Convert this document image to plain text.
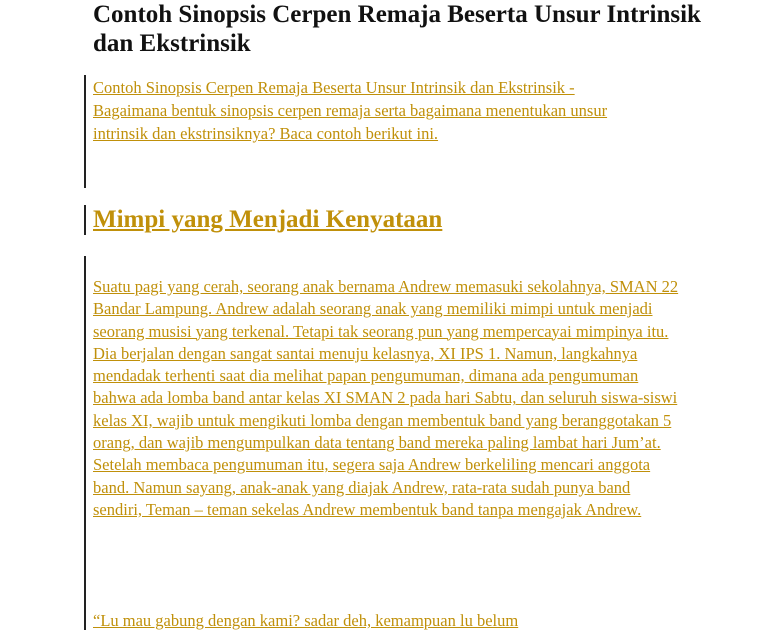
Contoh Sinopsis Cerpen Remaja Beserta Unsur Intrinsik dan Ekstrinsik

Contoh Sinopsis Cerpen Remaja Beserta Unsur Intrinsik dan Ekstrinsik - Bagaimana bentuk sinopsis cerpen remaja serta bagaimana menentukan unsur intrinsik dan ekstrinsiknya? Baca contoh berikut ini.

Mimpi yang Menjadi Kenyataan

Suatu pagi yang cerah, seorang anak bernama Andrew memasuki sekolahnya, SMAN 22 Bandar Lampung. Andrew adalah seorang anak yang memiliki mimpi untuk menjadi seorang musisi yang terkenal. Tetapi tak seorang pun yang mempercayai mimpinya itu. Dia berjalan dengan sangat santai menuju kelasnya, XI IPS 1. Namun, langkahnya mendadak terhenti saat dia melihat papan pengumuman, dimana ada pengumuman bahwa ada lomba band antar kelas XI SMAN 2 pada hari Sabtu, dan seluruh siswa-siswi kelas XI, wajib untuk mengikuti lomba dengan membentuk band yang beranggotakan 5 orang, dan wajib mengumpulkan data tentang band mereka paling lambat hari Jum’at. Setelah membaca pengumuman itu, segera saja Andrew berkeliling mencari anggota band. Namun sayang, anak-anak yang diajak Andrew, rata-rata sudah punya band sendiri, Teman – teman sekelas Andrew membentuk band tanpa mengajak Andrew.

“Lu mau gabung dengan kami? sadar deh, kemampuan lu belum
